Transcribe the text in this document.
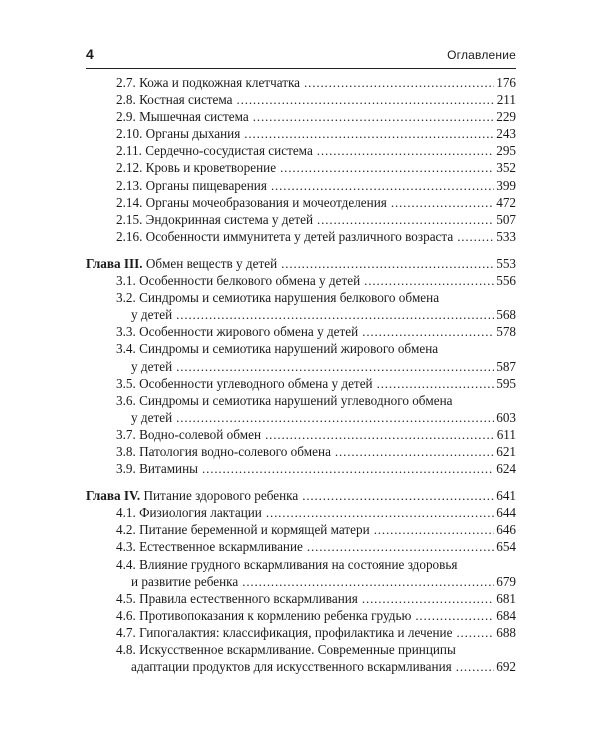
4	Оглавление
2.7. Кожа и подкожная клетчатка . . .	176
2.8. Костная система . . .	211
2.9. Мышечная система . . .	229
2.10. Органы дыхания . . .	243
2.11. Сердечно-сосудистая система . . .	295
2.12. Кровь и кроветворение . . .	352
2.13. Органы пищеварения . . .	399
2.14. Органы мочеобразования и мочеотделения . . .	472
2.15. Эндокринная система у детей . . .	507
2.16. Особенности иммунитета у детей различного возраста . . .	533
Глава III. Обмен веществ у детей . . .	553
3.1. Особенности белкового обмена у детей . . .	556
3.2. Синдромы и семиотика нарушения белкового обмена
у детей . . .	568
3.3. Особенности жирового обмена у детей . . .	578
3.4. Синдромы и семиотика нарушений жирового обмена
у детей . . .	587
3.5. Особенности углеводного обмена у детей . . .	595
3.6. Синдромы и семиотика нарушений углеводного обмена
у детей . . .	603
3.7. Водно-солевой обмен . . .	611
3.8. Патология водно-солевого обмена . . .	621
3.9. Витамины . . .	624
Глава IV. Питание здорового ребенка . . .	641
4.1. Физиология лактации . . .	644
4.2. Питание беременной и кормящей матери . . .	646
4.3. Естественное вскармливание . . .	654
4.4. Влияние грудного вскармливания на состояние здоровья
и развитие ребенка . . .	679
4.5. Правила естественного вскармливания . . .	681
4.6. Противопоказания к кормлению ребенка грудью . . .	684
4.7. Гипогалактия: классификация, профилактика и лечение . . .	688
4.8. Искусственное вскармливание. Современные принципы
адаптации продуктов для искусственного вскармливания . . .	692
